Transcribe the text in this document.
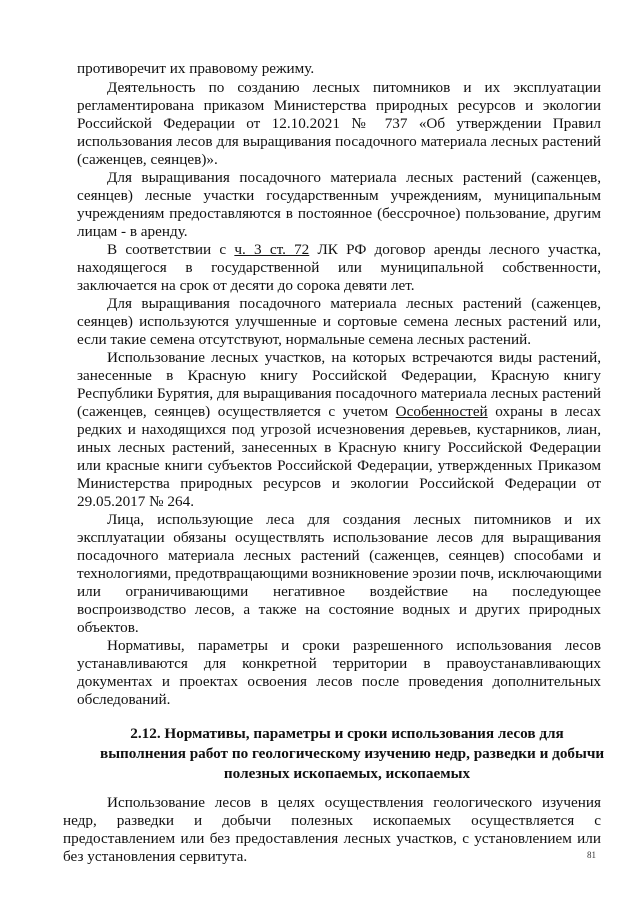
противоречит их правовому режиму.
Деятельность по созданию лесных питомников и их эксплуатации
регламентирована приказом Министерства природных ресурсов и экологии
Российской Федерации от 12.10.2021 № 737 «Об утверждении Правил
использования лесов для выращивания посадочного материала лесных растений
(саженцев, сеянцев)».
Для выращивания посадочного материала лесных растений (саженцев,
сеянцев) лесные участки государственным учреждениям, муниципальным
учреждениям предоставляются в постоянное (бессрочное) пользование, другим
лицам - в аренду.
В соответствии с ч. 3 ст. 72 ЛК РФ договор аренды лесного участка,
находящегося в государственной или муниципальной собственности,
заключается на срок от десяти до сорока девяти лет.
Для выращивания посадочного материала лесных растений (саженцев,
сеянцев) используются улучшенные и сортовые семена лесных растений или,
если такие семена отсутствуют, нормальные семена лесных растений.
Использование лесных участков, на которых встречаются виды растений,
занесенные в Красную книгу Российской Федерации, Красную книгу
Республики Бурятия, для выращивания посадочного материала лесных растений
(саженцев, сеянцев) осуществляется с учетом Особенностей охраны в лесах
редких и находящихся под угрозой исчезновения деревьев, кустарников, лиан,
иных лесных растений, занесенных в Красную книгу Российской Федерации
или красные книги субъектов Российской Федерации, утвержденных Приказом
Министерства природных ресурсов и экологии Российской Федерации от
29.05.2017 № 264.
Лица, использующие леса для создания лесных питомников и их
эксплуатации обязаны осуществлять использование лесов для выращивания
посадочного материала лесных растений (саженцев, сеянцев) способами и
технологиями, предотвращающими возникновение эрозии почв, исключающими
или ограничивающими негативное воздействие на последующее
воспроизводство лесов, а также на состояние водных и других природных
объектов.
Нормативы, параметры и сроки разрешенного использования лесов
устанавливаются для конкретной территории в правоустанавливающих
документах и проектах освоения лесов после проведения дополнительных
обследований.
2.12. Нормативы, параметры и сроки использования лесов для
выполнения работ по геологическому изучению недр, разведки и добычи
полезных ископаемых, ископаемых
Использование лесов в целях осуществления геологического изучения
недр, разведки и добычи полезных ископаемых осуществляется с
предоставлением или без предоставления лесных участков, с установлением или
без установления сервитута.	81
